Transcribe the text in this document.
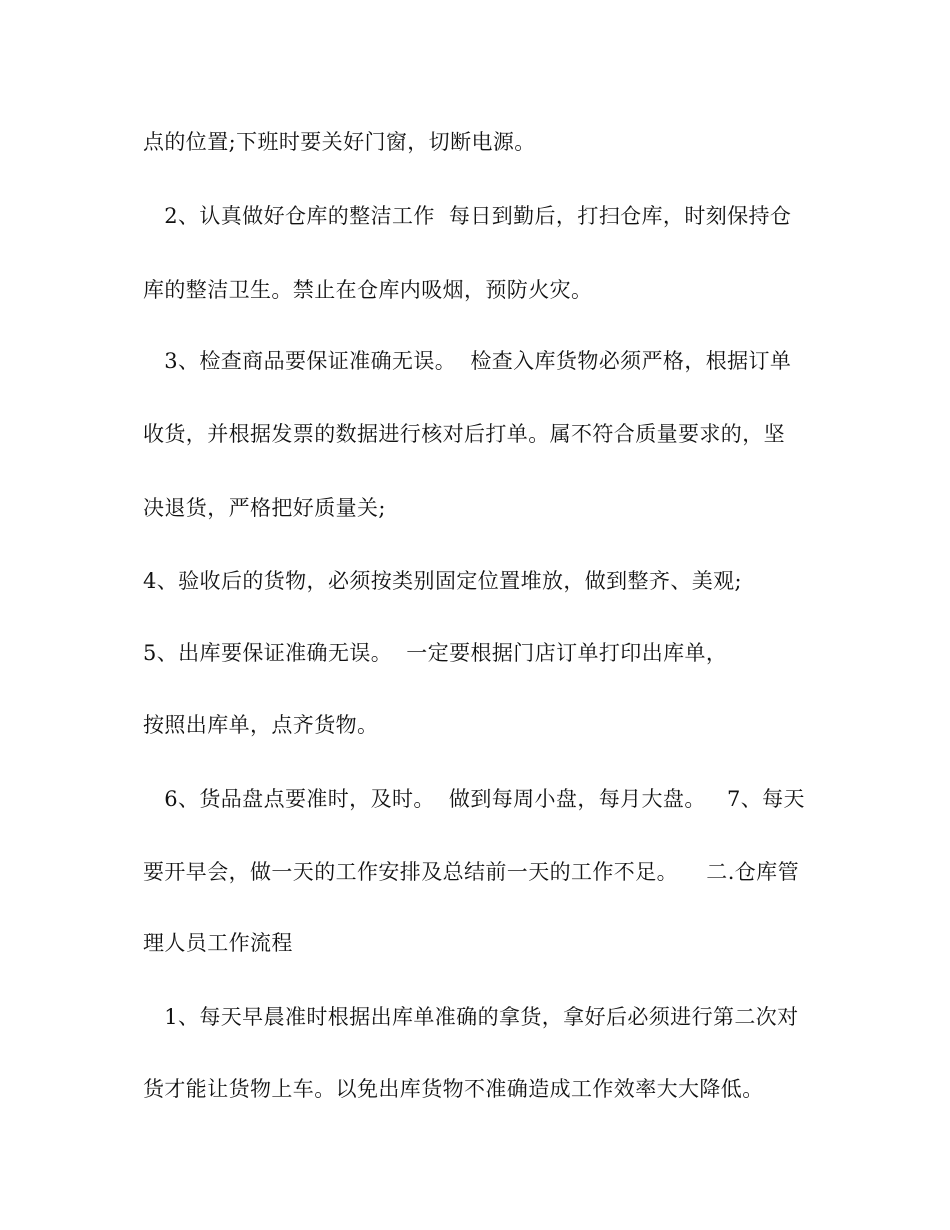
点的位置;下班时要关好门窗，切断电源。
2、认真做好仓库的整洁工作  每日到勤后，打扫仓库，时刻保持仓
库的整洁卫生。禁止在仓库内吸烟，预防火灾。
3、检查商品要保证准确无误。  检查入库货物必须严格，根据订单
收货，并根据发票的数据进行核对后打单。属不符合质量要求的，坚
决退货，严格把好质量关;
4、验收后的货物，必须按类别固定位置堆放，做到整齐、美观;
5、出库要保证准确无误。  一定要根据门店订单打印出库单，
按照出库单，点齐货物。
6、货品盘点要准时，及时。  做到每周小盘，每月大盘。   7、每天
要开早会，做一天的工作安排及总结前一天的工作不足。    二.仓库管
理人员工作流程
1、每天早晨准时根据出库单准确的拿货，拿好后必须进行第二次对
货才能让货物上车。以免出库货物不准确造成工作效率大大降低。
